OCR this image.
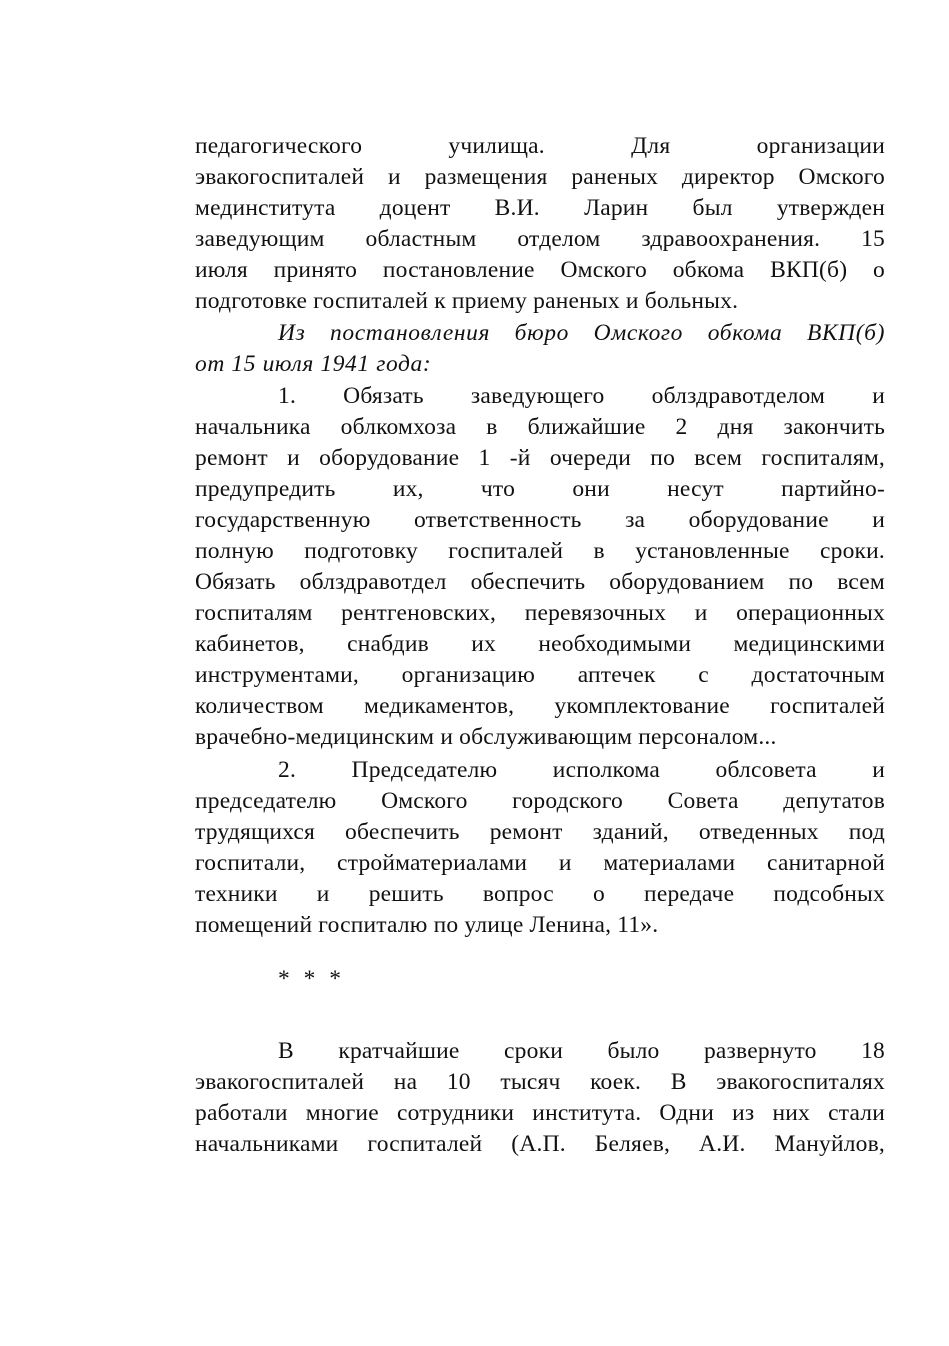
педагогического училища. Для организации
эвакогоспиталей и размещения раненых директор Омского
мединститута доцент В.И. Ларин был утвержден
заведующим областным отделом здравоохранения. 15
июля принято постановление Омского обкома ВКП(б) о
подготовке госпиталей к приему раненых и больных.
Из постановления бюро Омского обкома ВКП(б)
от 15 июля 1941 года:
1. Обязать заведующего облздравотделом и
начальника облкомхоза в ближайшие 2 дня закончить
ремонт и оборудование 1 -й очереди по всем госпиталям,
предупредить их, что они несут партийно-
государственную ответственность за оборудование и
полную подготовку госпиталей в установленные сроки.
Обязать облздравотдел обеспечить оборудованием по всем
госпиталям рентгеновских, перевязочных и операционных
кабинетов, снабдив их необходимыми медицинскими
инструментами, организацию аптечек с достаточным
количеством медикаментов, укомплектование госпиталей
врачебно-медицинским и обслуживающим персоналом...
2. Председателю исполкома облсовета и
председателю Омского городского Совета депутатов
трудящихся обеспечить ремонт зданий, отведенных под
госпитали, стройматериалами и материалами санитарной
техники и решить вопрос о передаче подсобных
помещений госпиталю по улице Ленина, 11».
* * *
В кратчайшие сроки было развернуто 18
эвакогоспиталей на 10 тысяч коек. В эвакогоспиталях
работали многие сотрудники института. Одни из них стали
начальниками госпиталей (А.П. Беляев, А.И. Мануйлов,
